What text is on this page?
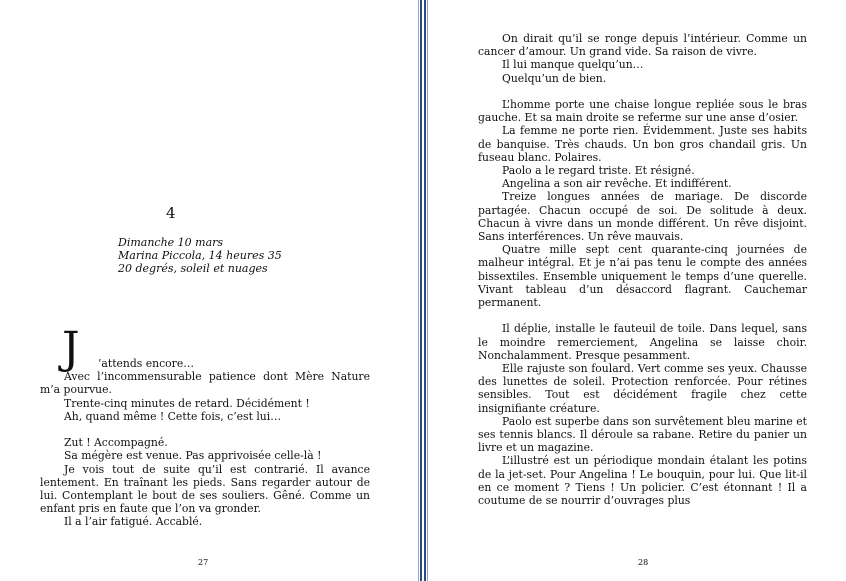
4
Dimanche 10 mars
Marina Piccola, 14 heures 35
20 degrés, soleil et nuages
J ’attends encore…

Avec l’incommensurable patience dont Mère Nature m’a pourvue.

Trente-cinq minutes de retard. Décidément !

Ah, quand même ! Cette fois, c’est lui…

Zut ! Accompagné.

Sa mégère est venue. Pas apprivoisée celle-là !

Je vois tout de suite qu’il est contrarié. Il avance lentement. En traînant les pieds. Sans regarder autour de lui. Contemplant le bout de ses souliers. Gêné. Comme un enfant pris en faute que l’on va gronder.

Il a l’air fatigué. Accablé.

27

On dirait qu’il se ronge depuis l’intérieur. Comme un cancer d’amour. Un grand vide. Sa raison de vivre.

Il lui manque quelqu’un…

Quelqu’un de bien.

L’homme porte une chaise longue repliée sous le bras gauche. Et sa main droite se referme sur une anse d’osier.

La femme ne porte rien. Évidemment. Juste ses habits de banquise. Très chauds. Un bon gros chandail gris. Un fuseau blanc. Polaires.

Paolo a le regard triste. Et résigné.

Angelina a son air revêche. Et indifférent.

Treize longues années de mariage. De discorde partagée. Chacun occupé de soi. De solitude à deux. Chacun à vivre dans un monde différent. Un rêve disjoint. Sans interférences. Un rêve mauvais.

Quatre mille sept cent quarante-cinq journées de malheur intégral. Et je n’ai pas tenu le compte des années bissextiles. Ensemble uniquement le temps d’une querelle. Vivant tableau d’un désaccord flagrant. Cauchemar permanent.

Il déplie, installe le fauteuil de toile. Dans lequel, sans le moindre remerciement, Angelina se laisse choir. Nonchalamment. Presque pesamment.

Elle rajuste son foulard. Vert comme ses yeux. Chausse des lunettes de soleil. Protection renforcée. Pour rétines sensibles. Tout est décidément fragile chez cette insignifiante créature.

Paolo est superbe dans son survêtement bleu marine et ses tennis blancs. Il déroule sa rabane. Retire du panier un livre et un magazine.

L’illustré est un périodique mondain étalant les potins de la jet-set. Pour Angelina ! Le bouquin, pour lui. Que lit-il en ce moment ? Tiens ! Un policier. C’est étonnant ! Il a coutume de se nourrir d’ouvrages plus

28
